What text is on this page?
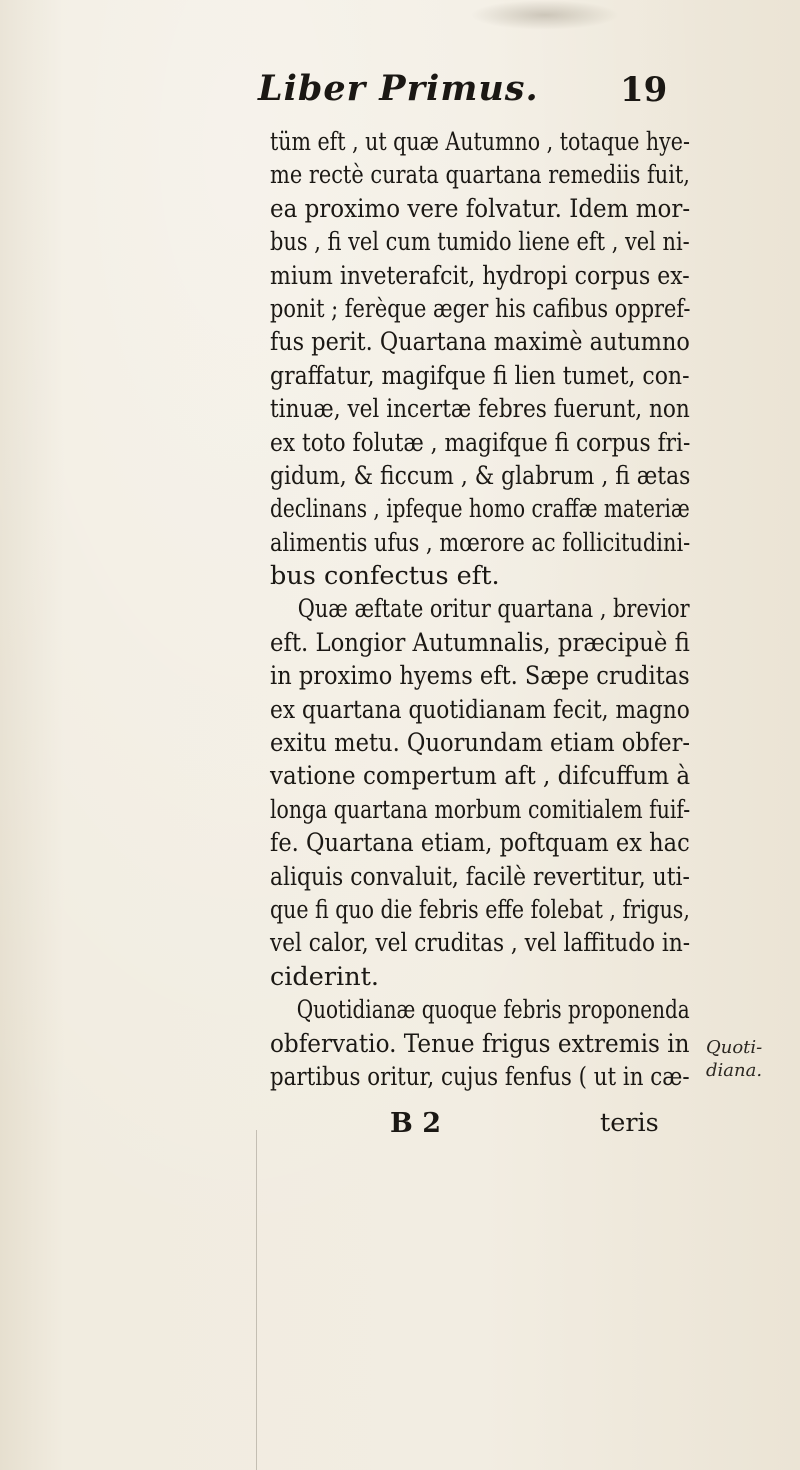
Liber Primus. 19
tüm eft , ut quæ Autumno , totaque hye-
me rectè curata quartana remediis fuit,
ea proximo vere folvatur. Idem mor-
bus , fi vel cum tumido liene eft , vel ni-
mium inveterafcit, hydropi corpus ex-
ponit ; ferèque æger his cafibus oppref-
fus perit. Quartana maximè autumno
graffatur, magifque fi lien tumet, con-
tinuæ, vel incertæ febres fuerunt, non
ex toto folutæ , magifque fi corpus fri-
gidum, & ficcum , & glabrum , fi ætas
declinans , ipfeque homo craffæ materiæ
alimentis ufus , mœrore ac follicitudini-
bus confectus eft.
Quæ æftate oritur quartana , brevior
eft. Longior Autumnalis, præcipuè fi
in proximo hyems eft. Sæpe cruditas
ex quartana quotidianam fecit, magno
exitu metu. Quorundam etiam obfer-
vatione compertum aft , difcuffum à
longa quartana morbum comitialem fuif-
fe. Quartana etiam, poftquam ex hac
aliquis convaluit, facilè revertitur, uti-
que fi quo die febris effe folebat , frigus,
vel calor, vel cruditas , vel laffitudo in-
ciderint.
Quotidianæ quoque febris proponenda
obfervatio. Tenue frigus extremis in
partibus oritur, cujus fenfus ( ut in cæ-
Quoti-
diana.
B 2	teris
